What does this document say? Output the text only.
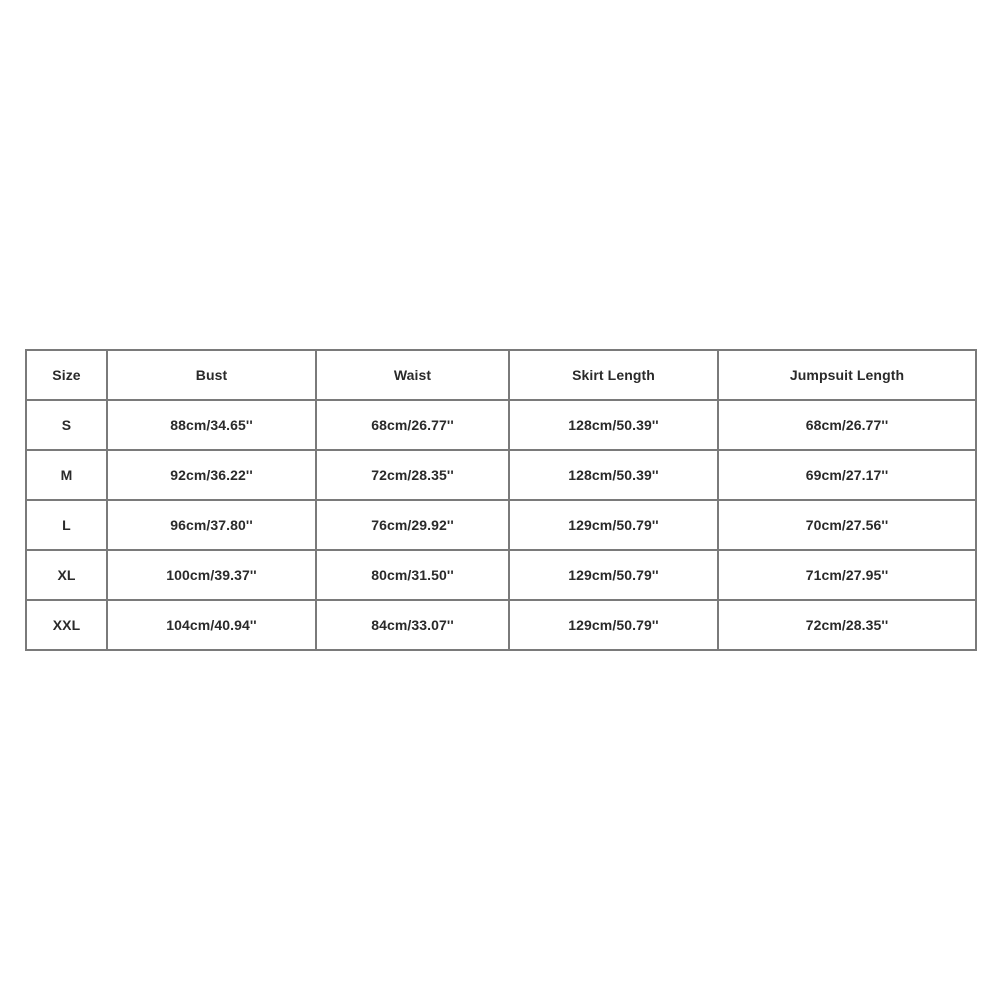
Size	Bust	Waist	Skirt Length	Jumpsuit Length
S	88cm/34.65''	68cm/26.77''	128cm/50.39''	68cm/26.77''
M	92cm/36.22''	72cm/28.35''	128cm/50.39''	69cm/27.17''
L	96cm/37.80''	76cm/29.92''	129cm/50.79''	70cm/27.56''
XL	100cm/39.37''	80cm/31.50''	129cm/50.79''	71cm/27.95''
XXL	104cm/40.94''	84cm/33.07''	129cm/50.79''	72cm/28.35''
